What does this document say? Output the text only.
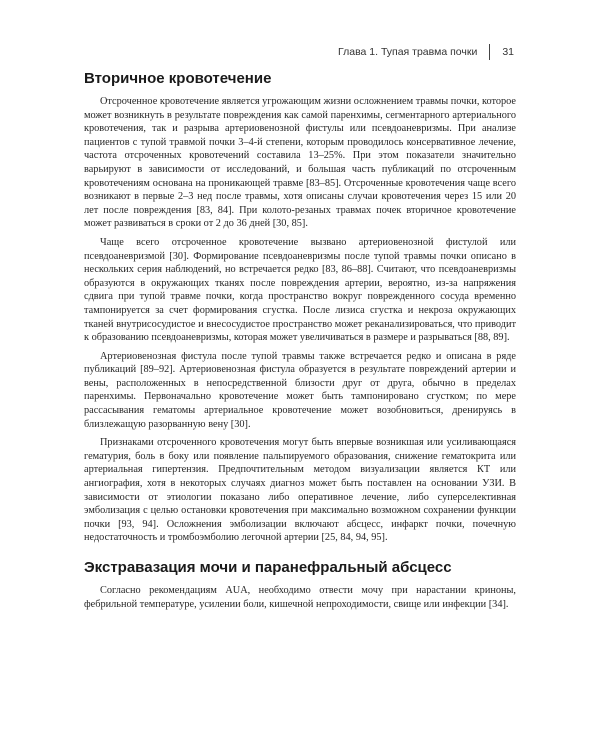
Глава 1. Тупая травма почки 31
Вторичное кровотечение

Отсроченное кровотечение является угрожающим жизни осложнением травмы почки, которое может возникнуть в результате повреждения как самой паренхимы, сегментарного артериального кровотечения, так и разрыва артериовенозной фистулы или псевдоаневризмы. При анализе пациентов с тупой травмой почки 3–4-й степени, которым проводилось консервативное лечение, частота отсроченных кровотечений составила 13–25%. При этом показатели значительно варьируют в зависимости от исследований, и большая часть публикаций по отсроченным кровотечениям основана на проникающей травме [83–85]. Отсроченные кровотечения чаще всего возникают в первые 2–3 нед после травмы, хотя описаны случаи кровотечения через 15 или 20 лет после повреждения [83, 84]. При колото-резаных травмах почек вторичное кровотечение может развиваться в сроки от 2 до 36 дней [30, 85].

Чаще всего отсроченное кровотечение вызвано артериовенозной фистулой или псевдоаневризмой [30]. Формирование псевдоаневризмы после тупой травмы почки описано в нескольких серия наблюдений, но встречается редко [83, 86–88]. Считают, что псевдоаневризмы образуются в окружающих тканях после повреждения артерии, вероятно, из-за напряжения сдвига при тупой травме почки, когда пространство вокруг поврежденного сосуда временно тампонируется за счет формирования сгустка. После лизиса сгустка и некроза окружающих тканей внутрисосудистое и внесосудистое пространство может реканализироваться, что приводит к образованию псевдоаневризмы, которая может увеличиваться в размере и разрываться [88, 89].

Артериовенозная фистула после тупой травмы также встречается редко и описана в ряде публикаций [89–92]. Артериовенозная фистула образуется в результате повреждений артерии и вены, расположенных в непосредственной близости друг от друга, обычно в пределах паренхимы. Первоначально кровотечение может быть тампонировано сгустком; по мере рассасывания гематомы артериальное кровотечение может возобновиться, дренируясь в близлежащую разорванную вену [30].

Признаками отсроченного кровотечения могут быть впервые возникшая или усиливающаяся гематурия, боль в боку или появление пальпируемого образования, снижение гематокрита или артериальная гипертензия. Предпочтительным методом визуализации является КТ или ангиография, хотя в некоторых случаях диагноз может быть поставлен на основании УЗИ. В зависимости от этиологии показано либо оперативное лечение, либо суперселективная эмболизация с целью остановки кровотечения при максимально возможном сохранении функции почки [93, 94]. Осложнения эмболизации включают абсцесс, инфаркт почки, почечную недостаточность и тромбоэмболию легочной артерии [25, 84, 94, 95].

Экстравазация мочи и паранефральный абсцесс

Согласно рекомендациям AUA, необходимо отвести мочу при нарастании криноны, фебрильной температуре, усилении боли, кишечной непроходимости, свище или инфекции [34].
